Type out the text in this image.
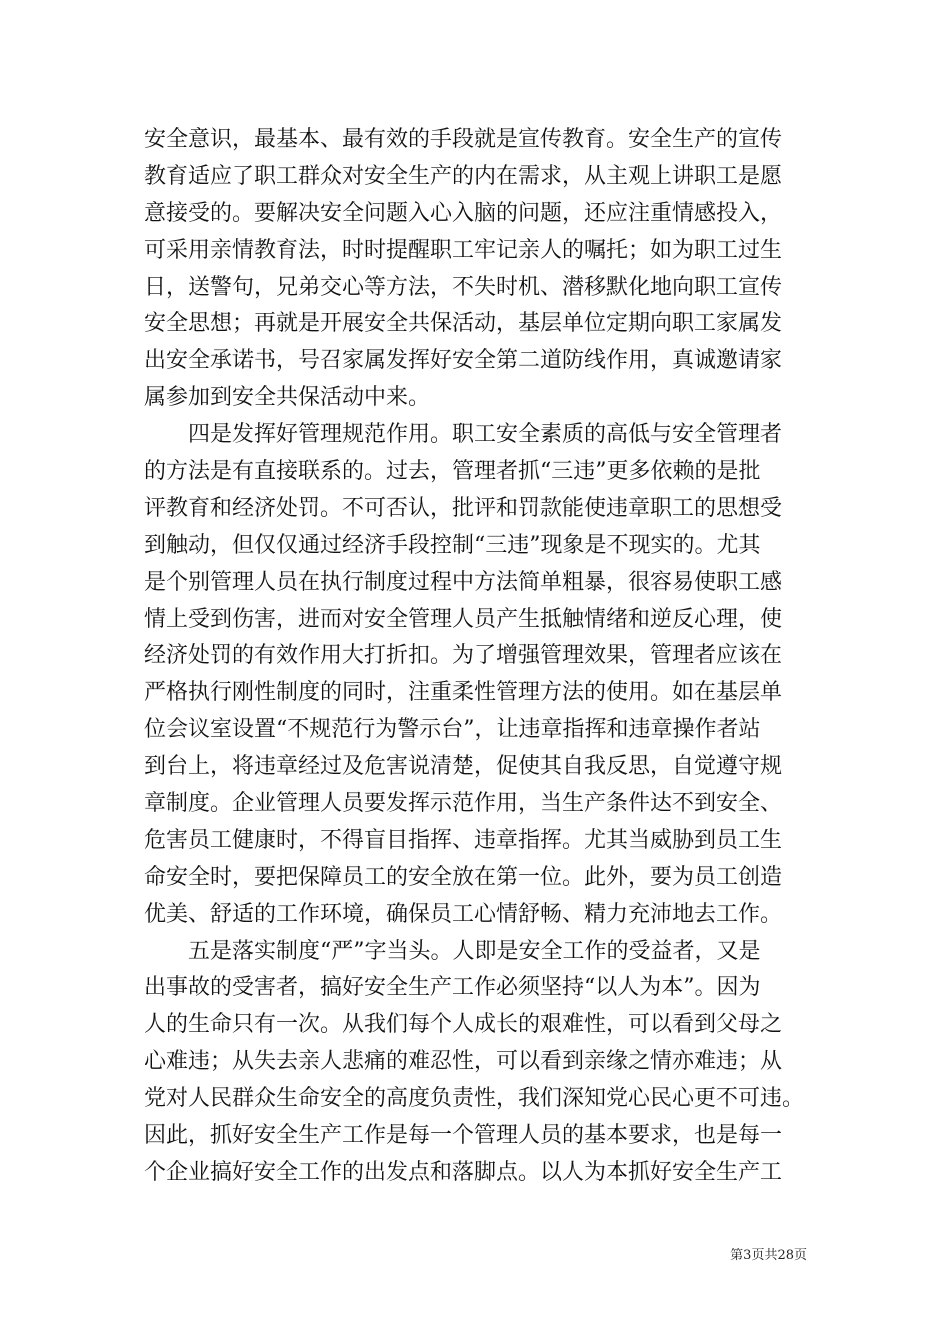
安全意识，最基本、最有效的手段就是宣传教育。安全生产的宣传
教育适应了职工群众对安全生产的内在需求，从主观上讲职工是愿
意接受的。要解决安全问题入心入脑的问题，还应注重情感投入，
可采用亲情教育法，时时提醒职工牢记亲人的嘱托；如为职工过生
日，送警句，兄弟交心等方法，不失时机、潜移默化地向职工宣传
安全思想；再就是开展安全共保活动，基层单位定期向职工家属发
出安全承诺书，号召家属发挥好安全第二道防线作用，真诚邀请家
属参加到安全共保活动中来。
　　四是发挥好管理规范作用。职工安全素质的高低与安全管理者
的方法是有直接联系的。过去，管理者抓“三违”更多依赖的是批
评教育和经济处罚。不可否认，批评和罚款能使违章职工的思想受
到触动，但仅仅通过经济手段控制“三违”现象是不现实的。尤其
是个别管理人员在执行制度过程中方法简单粗暴，很容易使职工感
情上受到伤害，进而对安全管理人员产生抵触情绪和逆反心理，使
经济处罚的有效作用大打折扣。为了增强管理效果，管理者应该在
严格执行刚性制度的同时，注重柔性管理方法的使用。如在基层单
位会议室设置“不规范行为警示台”，让违章指挥和违章操作者站
到台上，将违章经过及危害说清楚，促使其自我反思，自觉遵守规
章制度。企业管理人员要发挥示范作用，当生产条件达不到安全、
危害员工健康时，不得盲目指挥、违章指挥。尤其当威胁到员工生
命安全时，要把保障员工的安全放在第一位。此外，要为员工创造
优美、舒适的工作环境，确保员工心情舒畅、精力充沛地去工作。
　　五是落实制度“严”字当头。人即是安全工作的受益者，又是
出事故的受害者，搞好安全生产工作必须坚持“以人为本”。因为
人的生命只有一次。从我们每个人成长的艰难性，可以看到父母之
心难违；从失去亲人悲痛的难忍性，可以看到亲缘之情亦难违；从
党对人民群众生命安全的高度负责性，我们深知党心民心更不可违。
因此，抓好安全生产工作是每一个管理人员的基本要求，也是每一
个企业搞好安全工作的出发点和落脚点。以人为本抓好安全生产工
第3页共28页
